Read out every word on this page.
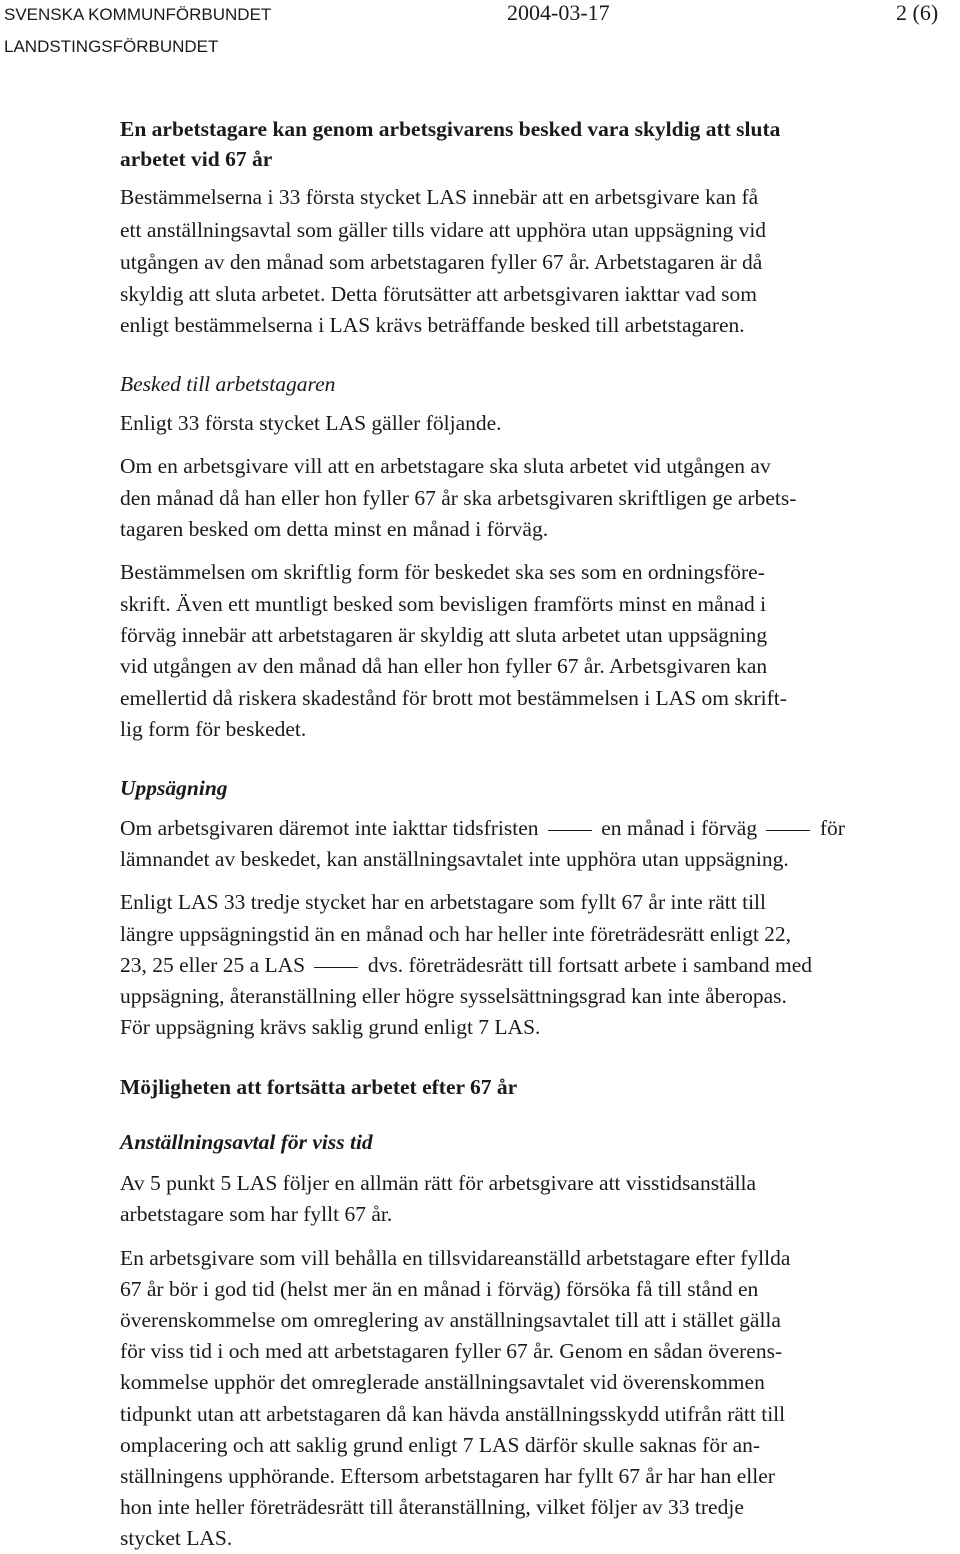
SVENSKA KOMMUNFÖRBUNDET
LANDSTINGSFÖRBUNDET
2004-03-17	2 (6)
En arbetstagare kan genom arbetsgivarens besked vara skyldig att sluta
arbetet vid 67 år
Bestämmelserna i 33 första stycket LAS innebär att en arbetsgivare kan få
ett anställningsavtal som gäller tills vidare att upphöra utan uppsägning vid
utgången av den månad som arbetstagaren fyller 67 år. Arbetstagaren är då
skyldig att sluta arbetet. Detta förutsätter att arbetsgivaren iakttar vad som
enligt bestämmelserna i LAS krävs beträffande besked till arbetstagaren.
Besked till arbetstagaren
Enligt 33 första stycket LAS gäller följande.
Om en arbetsgivare vill att en arbetstagare ska sluta arbetet vid utgången av
den månad då han eller hon fyller 67 år ska arbetsgivaren skriftligen ge arbets-
tagaren besked om detta minst en månad i förväg.
Bestämmelsen om skriftlig form för beskedet ska ses som en ordningsföre-
skrift. Även ett muntligt besked som bevisligen framförts minst en månad i
förväg innebär att arbetstagaren är skyldig att sluta arbetet utan uppsägning
vid utgången av den månad då han eller hon fyller 67 år. Arbetsgivaren kan
emellertid då riskera skadestånd för brott mot bestämmelsen i LAS om skrift-
lig form för beskedet.
Uppsägning
Om arbetsgivaren däremot inte iakttar tidsfristen	en månad i förväg	för
lämnandet av beskedet, kan anställningsavtalet inte upphöra utan uppsägning.
Enligt LAS 33 tredje stycket har en arbetstagare som fyllt 67 år inte rätt till
längre uppsägningstid än en månad och har heller inte företrädesrätt enligt 22,
23, 25 eller 25 a LAS	dvs. företrädesrätt till fortsatt arbete i samband med
uppsägning, återanställning eller högre sysselsättningsgrad kan inte åberopas.
För uppsägning krävs saklig grund enligt 7 LAS.
Möjligheten att fortsätta arbetet efter 67 år
Anställningsavtal för viss tid
Av 5 punkt 5 LAS följer en allmän rätt för arbetsgivare att visstidsanställa
arbetstagare som har fyllt 67 år.
En arbetsgivare som vill behålla en tillsvidareanställd arbetstagare efter fyllda
67 år bör i god tid (helst mer än en månad i förväg) försöka få till stånd en
överenskommelse om omreglering av anställningsavtalet till att i stället gälla
för viss tid i och med att arbetstagaren fyller 67 år. Genom en sådan överens-
kommelse upphör det omreglerade anställningsavtalet vid överenskommen
tidpunkt utan att arbetstagaren då kan hävda anställningsskydd utifrån rätt till
omplacering och att saklig grund enligt 7 LAS därför skulle saknas för an-
ställningens upphörande. Eftersom arbetstagaren har fyllt 67 år har han eller
hon inte heller företrädesrätt till återanställning, vilket följer av 33 tredje
stycket LAS.
